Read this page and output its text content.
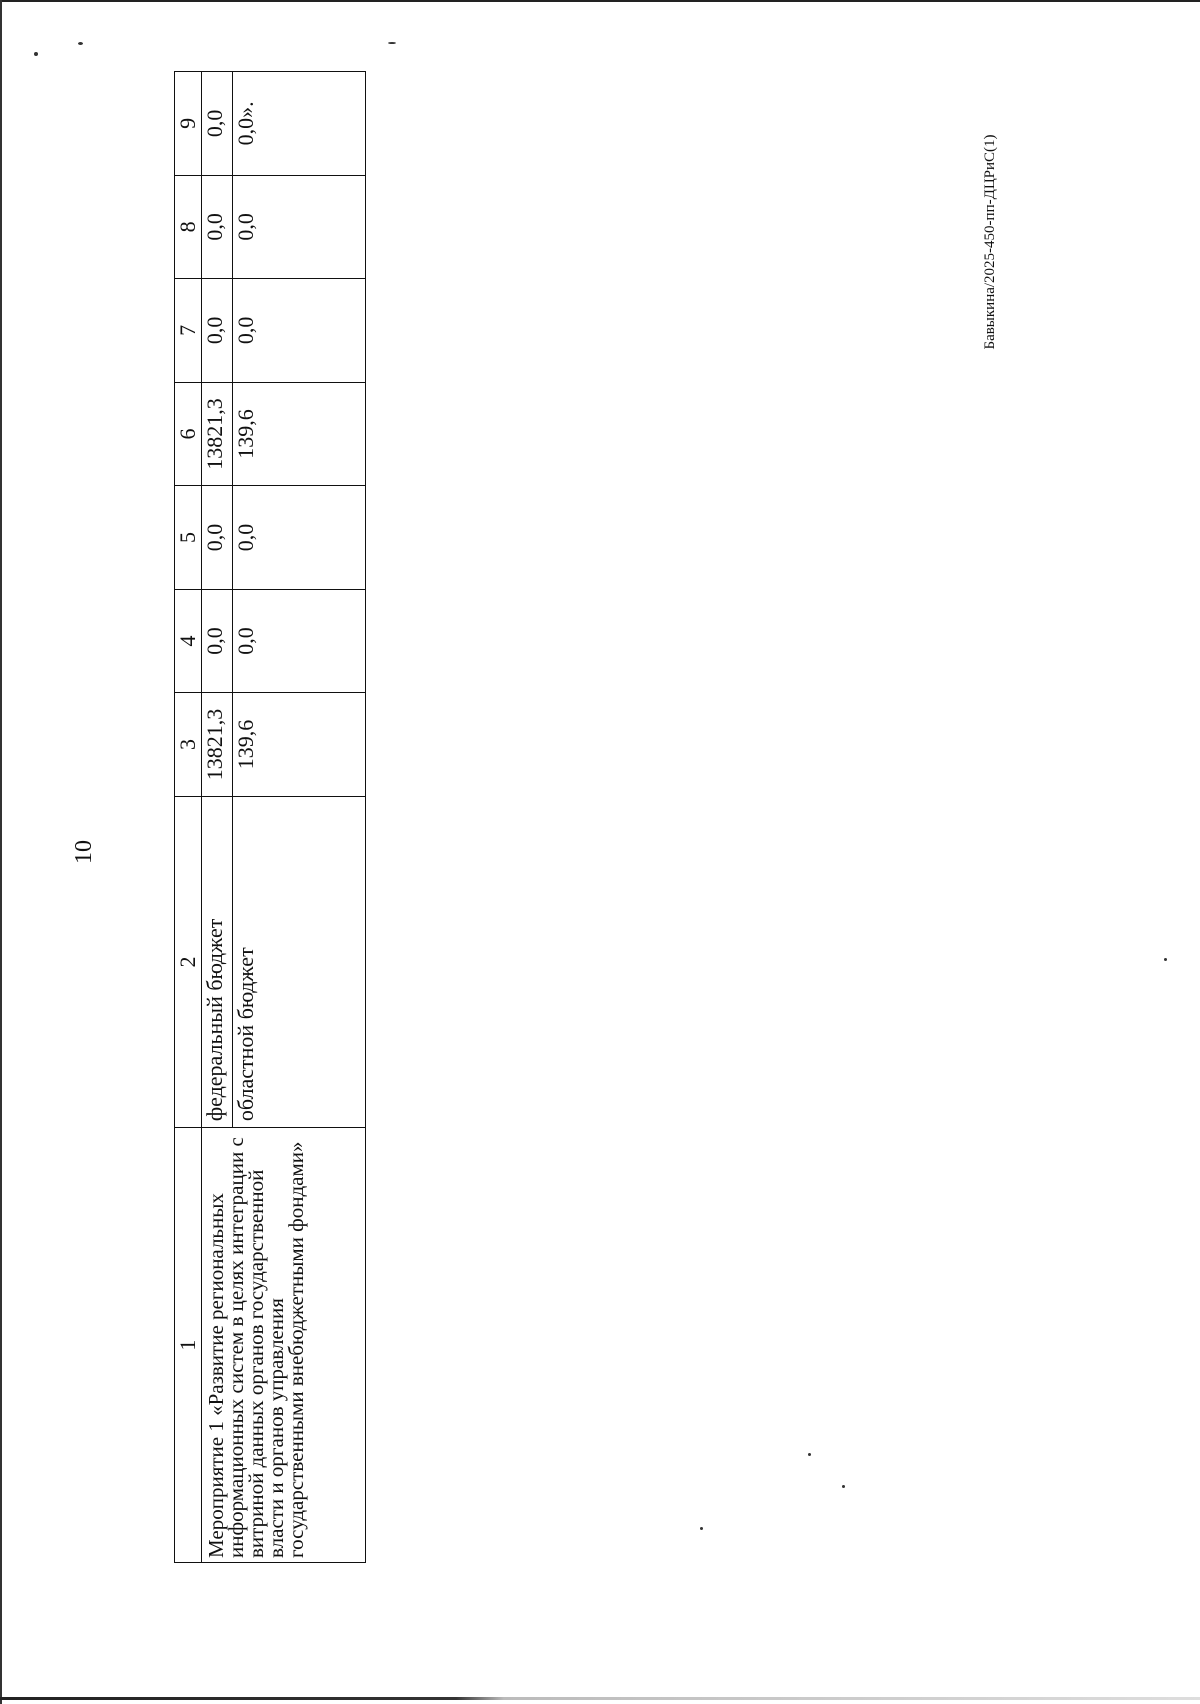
10
Бавыкина/2025-450-пп-ДЦРиС(1)
1	2	3	4	5	6	7	8	9
Мероприятие 1 «Развитие региональных информационных систем в целях интеграции с витриной данных органов государственной власти и органов управления государственными внебюджетными фондами»	федеральный бюджет	13821,3	0,0	0,0	13821,3	0,0	0,0	0,0
	областной бюджет	139,6	0,0	0,0	139,6	0,0	0,0	0,0».
